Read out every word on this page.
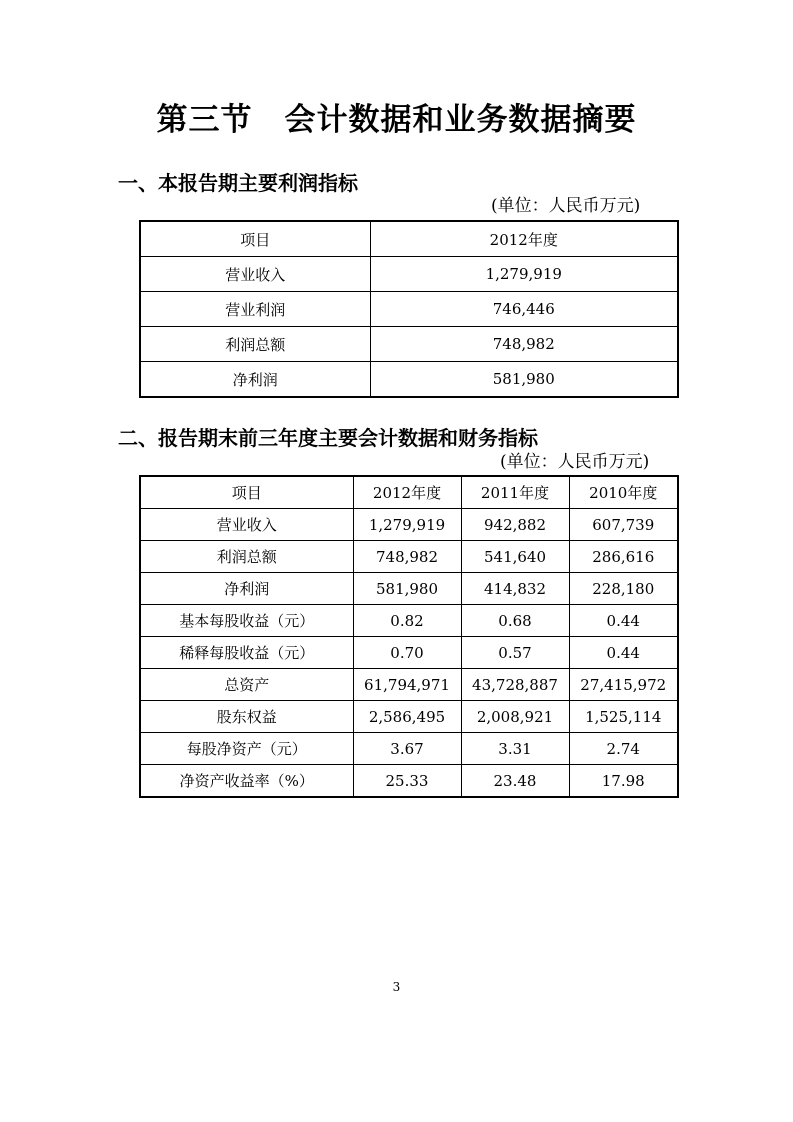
第三节　会计数据和业务数据摘要
一、本报告期主要利润指标
(单位：人民币万元)
项目	2012年度
营业收入	1,279,919
营业利润	746,446
利润总额	748,982
净利润	581,980
二、报告期末前三年度主要会计数据和财务指标
(单位：人民币万元)
项目	2012年度	2011年度	2010年度
营业收入	1,279,919	942,882	607,739
利润总额	748,982	541,640	286,616
净利润	581,980	414,832	228,180
基本每股收益（元）	0.82	0.68	0.44
稀释每股收益（元）	0.70	0.57	0.44
总资产	61,794,971	43,728,887	27,415,972
股东权益	2,586,495	2,008,921	1,525,114
每股净资产（元）	3.67	3.31	2.74
净资产收益率（%）	25.33	23.48	17.98
3
